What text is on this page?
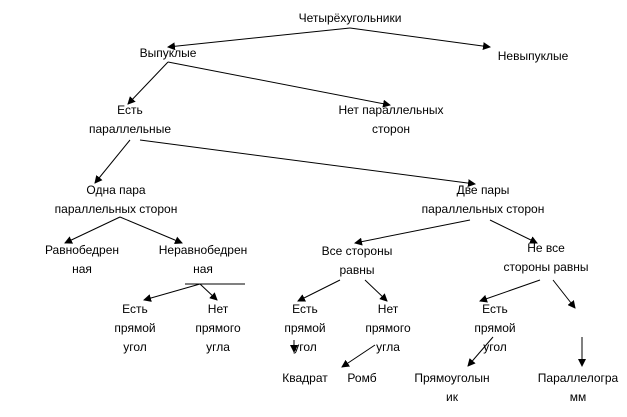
Четырёхугольники
Выпуклые	Невыпуклые
Есть
параллельные
Нет параллельных
сторон
Одна пара
параллельных сторон
Две пары
параллельных сторон
Равнобедрен
ная
Неравнобедрен
ная
Все стороны
равны
Не все
стороны равны
Есть
прямой
угол
Нет
прямого
угла
Есть
прямой
угол
Нет
прямого
угла
Есть
прямой
угол
Квадрат Ромб	Прямоуголын
ик
Параллелогра
мм
